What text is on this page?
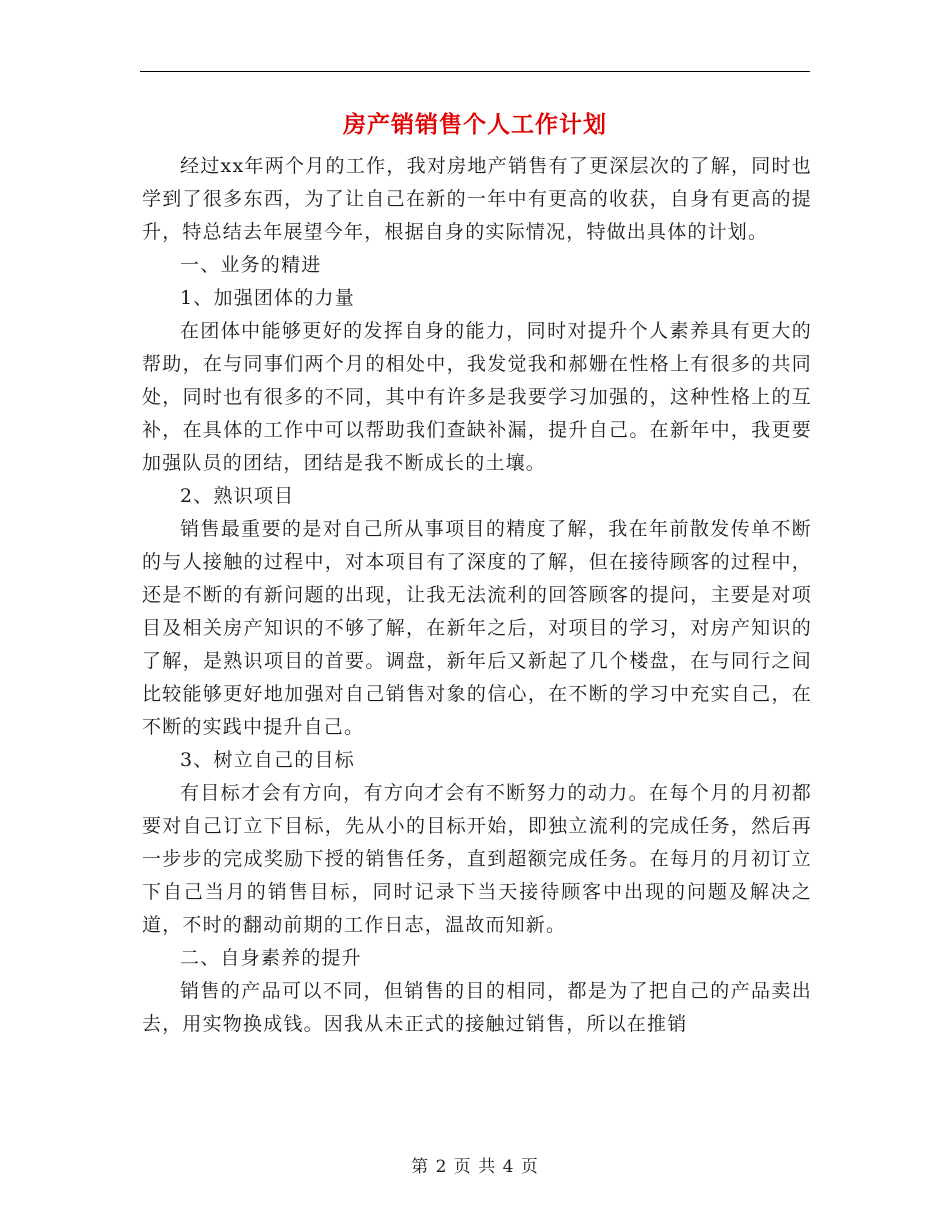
房产销销售个人工作计划

经过xx年两个月的工作，我对房地产销售有了更深层次的了解，同时也学到了很多东西，为了让自己在新的一年中有更高的收获，自身有更高的提升，特总结去年展望今年，根据自身的实际情况，特做出具体的计划。

一、业务的精进

1、加强团体的力量

在团体中能够更好的发挥自身的能力，同时对提升个人素养具有更大的帮助，在与同事们两个月的相处中，我发觉我和郝姗在性格上有很多的共同处，同时也有很多的不同，其中有许多是我要学习加强的，这种性格上的互补，在具体的工作中可以帮助我们查缺补漏，提升自己。在新年中，我更要加强队员的团结，团结是我不断成长的土壤。

2、熟识项目

销售最重要的是对自己所从事项目的精度了解，我在年前散发传单不断的与人接触的过程中，对本项目有了深度的了解，但在接待顾客的过程中，还是不断的有新问题的出现，让我无法流利的回答顾客的提问，主要是对项目及相关房产知识的不够了解，在新年之后，对项目的学习，对房产知识的了解，是熟识项目的首要。调盘，新年后又新起了几个楼盘，在与同行之间比较能够更好地加强对自己销售对象的信心，在不断的学习中充实自己，在不断的实践中提升自己。

3、树立自己的目标

有目标才会有方向，有方向才会有不断努力的动力。在每个月的月初都要对自己订立下目标，先从小的目标开始，即独立流利的完成任务，然后再一步步的完成奖励下授的销售任务，直到超额完成任务。在每月的月初订立下自己当月的销售目标，同时记录下当天接待顾客中出现的问题及解决之道，不时的翻动前期的工作日志，温故而知新。

二、自身素养的提升

销售的产品可以不同，但销售的目的相同，都是为了把自己的产品卖出去，用实物换成钱。因我从未正式的接触过销售，所以在推销

第 2 页 共 4 页
